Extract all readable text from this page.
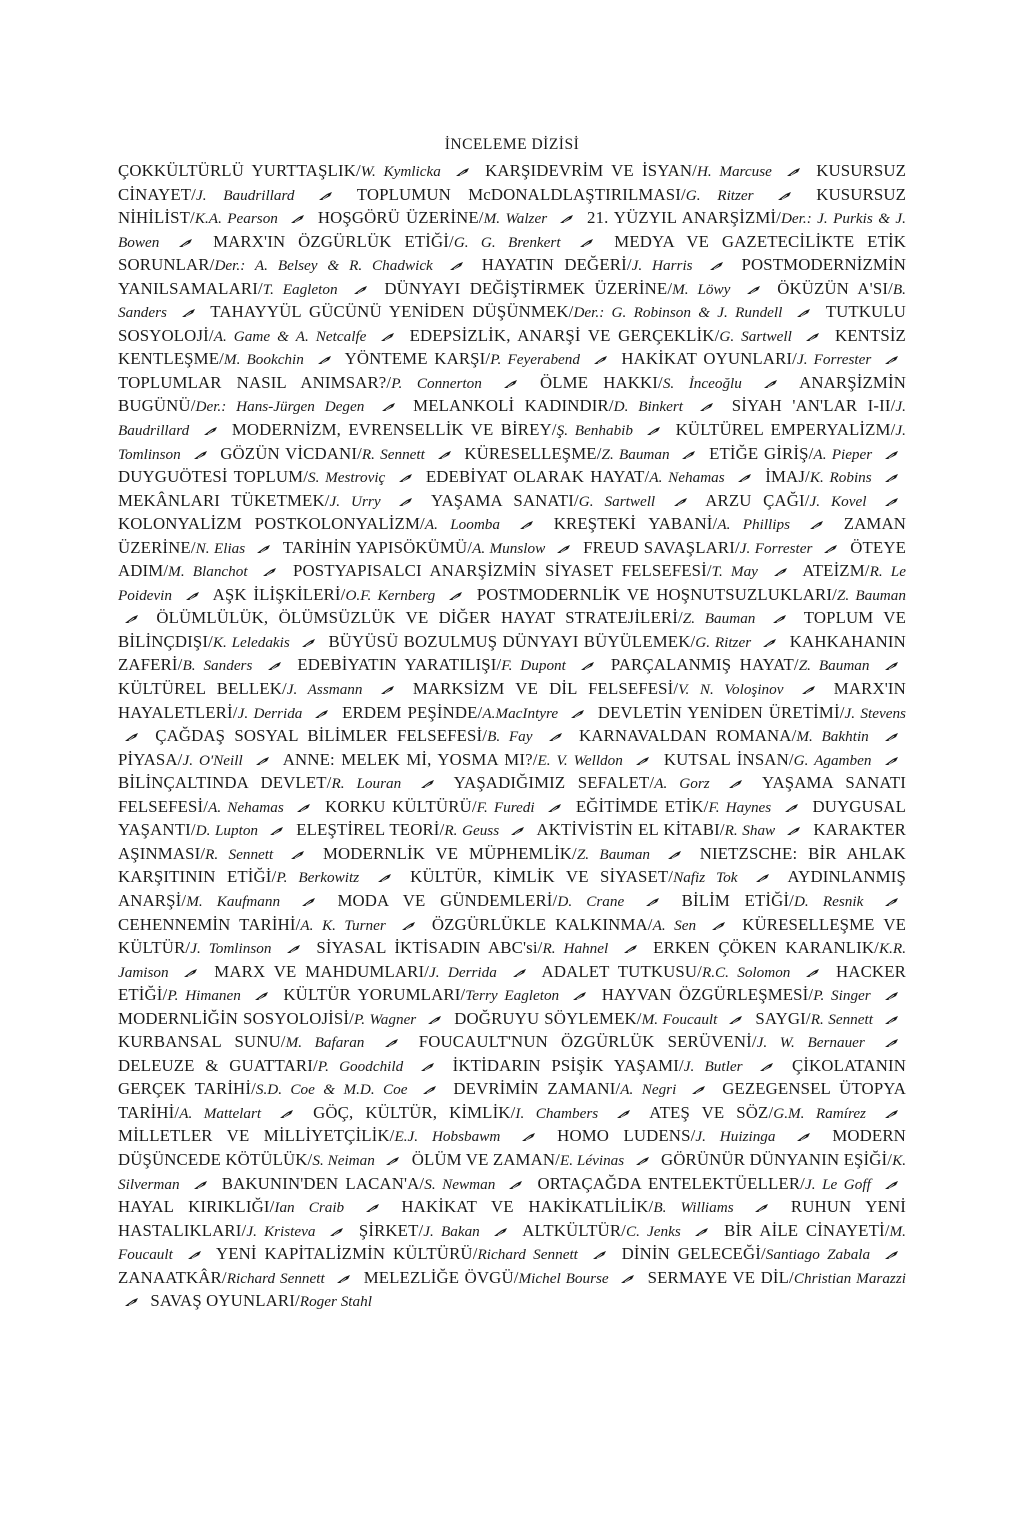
İNCELEME DİZİSİ
ÇOKKÜLTÜRLÜ YURTTAŞLIK/W. Kymlicka	KARŞIDEVRİM VE İSYAN/H. Marcuse	KUSURSUZ CİNAYET/J. Baudrillard	TOPLUMUN McDONALDLAŞTIRILMASI/G. Ritzer	KUSURSUZ NİHİLİST/K.A. Pearson HOŞGÖRÜ ÜZERİNE/M. Walzer 21. YÜZYIL ANARŞİZMİ/Der.: J. Purkis & J. Bowen	MARX'IN ÖZGÜRLÜK ETİĞİ/G. G. Brenkert	MEDYA VE GAZETECİLİKTE ETİK SORUNLAR/Der.: A. Belsey & R. Chadwick	HAYATIN DEĞERİ/J. Harris	POSTMODERNİZMİN YANILSAMALARI/T. Eagleton	DÜNYAYI DEĞİŞTİRMEK ÜZERİNE/M. Löwy	ÖKÜZÜN A'SI/B. Sanders	TAHAYYÜL GÜCÜNÜ YENİDEN DÜŞÜNMEK/Der.: G. Robinson & J. Rundell	TUTKULU SOSYOLOJİ/A. Game & A. Netcalfe	EDEPSİZLİK, ANARŞİ VE GERÇEKLİK/G. Sartwell	KENTSİZ KENTLEŞME/M. Bookchin YÖNTEME KARŞI/P. Feyerabend HAKİKAT OYUNLARI/J. Forrester
TOPLUMLAR NASIL ANIMSAR?/P. Connerton	ÖLME HAKKI/S. İnceoğlu	ANARŞİZMİN BUGÜNÜ/Der.: Hans-Jürgen Degen	MELANKOLİ KADINDIR/D. Binkert	SİYAH 'AN'LAR I-II/J. Baudrillard	MODERNİZM, EVRENSELLİK VE BİREY/Ş. Benhabib	KÜLTÜREL EMPERYALİZM/J. Tomlinson GÖZÜN VİCDANI/R. Sennett KÜRESELLEŞME/Z. Bauman ETİĞE GİRİŞ/A. Pieper
DUYGUÖTESİ TOPLUM/S. Mestroviç EDEBİYAT OLARAK HAYAT/A. Nehamas İMAJ/K. Robins
MEKÂNLARI TÜKETMEK/J. Urry	YAŞAMA SANATI/G. Sartwell	ARZU ÇAĞI/J. Kovel
KOLONYALİZM POSTKOLONYALİZM/A. Loomba	KREŞTEKİ YABANİ/A. Phillips	ZAMAN ÜZERİNE/N. Elias TARİHİN YAPISÖKÜMÜ/A. Munslow FREUD SAVAŞLARI/J. Forrester ÖTEYE ADIM/M. Blanchot	POSTYAPISALCI ANARŞİZMİN SİYASET FELSEFESİ/T. May	ATEİZM/R. Le Poidevin AŞK İLİŞKİLERİ/O.F. Kernberg POSTMODERNLİK VE HOŞNUTSUZLUKLARI/Z. Bauman
ÖLÜMLÜLÜK, ÖLÜMSÜZLÜK VE DİĞER HAYAT STRATEJİLERİ/Z. Bauman	TOPLUM VE BİLİNÇDIŞI/K. Leledakis BÜYÜSÜ BOZULMUŞ DÜNYAYI BÜYÜLEMEK/G. Ritzer KAHKAHANIN ZAFERİ/B. Sanders	EDEBİYATIN YARATILIŞI/F. Dupont	PARÇALANMIŞ HAYAT/Z. Bauman
KÜLTÜREL BELLEK/J. Assmann	MARKSİZM VE DİL FELSEFESİ/V. N. Voloşinov	MARX'IN HAYALETLERİ/J. Derrida ERDEM PEŞİNDE/A.MacIntyre DEVLETİN YENİDEN ÜRETİMİ/J. Stevens
ÇAĞDAŞ SOSYAL BİLİMLER FELSEFESİ/B. Fay	KARNAVALDAN ROMANA/M. Bakhtin
PİYASA/J. O'Neill ANNE: MELEK Mİ, YOSMA MI?/E. V. Welldon KUTSAL İNSAN/G. Agamben
BİLİNÇALTINDA DEVLET/R. Louran	YAŞADIĞIMIZ SEFALET/A. Gorz	YAŞAMA SANATI FELSEFESİ/A. Nehamas KORKU KÜLTÜRÜ/F. Furedi EĞİTİMDE ETİK/F. Haynes DUYGUSAL YAŞANTI/D. Lupton ELEŞTİREL TEORİ/R. Geuss AKTİVİSTİN EL KİTABI/R. Shaw KARAKTER AŞINMASI/R. Sennett	MODERNLİK VE MÜPHEMLİK/Z. Bauman	NIETZSCHE: BİR AHLAK KARŞITININ ETİĞİ/P. Berkowitz	KÜLTÜR, KİMLİK VE SİYASET/Nafiz Tok	AYDINLANMIŞ ANARŞİ/M. Kaufmann	MODA VE GÜNDEMLERİ/D. Crane	BİLİM ETİĞİ/D. Resnik
CEHENNEMİN TARİHİ/A. K. Turner	ÖZGÜRLÜKLE KALKINMA/A. Sen	KÜRESELLEŞME VE KÜLTÜR/J. Tomlinson	SİYASAL İKTİSADIN ABC'si/R. Hahnel	ERKEN ÇÖKEN KARANLIK/K.R. Jamison	MARX VE MAHDUMLARI/J. Derrida	ADALET TUTKUSU/R.C. Solomon	HACKER ETİĞİ/P. Himanen	KÜLTÜR YORUMLARI/Terry Eagleton	HAYVAN ÖZGÜRLEŞMESİ/P. Singer
MODERNLİĞİN SOSYOLOJİSİ/P. Wagner DOĞRUYU SÖYLEMEK/M. Foucault SAYGI/R. Sennett
KURBANSAL SUNU/M. Bafaran	FOUCAULT'NUN ÖZGÜRLÜK SERÜVENİ/J. W. Bernauer
DELEUZE & GUATTARI/P. Goodchild	İKTİDARIN PSİŞİK YAŞAMI/J. Butler	ÇİKOLATANIN GERÇEK TARİHİ/S.D. Coe & M.D. Coe	DEVRİMİN ZAMANI/A. Negri	GEZEGENSEL ÜTOPYA TARİHİ/A. Mattelart	GÖÇ, KÜLTÜR, KİMLİK/I. Chambers	ATEŞ VE SÖZ/G.M. Ramírez
MİLLETLER VE MİLLİYETÇİLİK/E.J. Hobsbawm	HOMO LUDENS/J. Huizinga	MODERN DÜŞÜNCEDE KÖTÜLÜK/S. Neiman ÖLÜM VE ZAMAN/E. Lévinas GÖRÜNÜR DÜNYANIN EŞİĞİ/K. Silverman	BAKUNIN'DEN LACAN'A/S. Newman	ORTAÇAĞDA ENTELEKTÜELLER/J. Le Goff
HAYAL KIRIKLIĞI/Ian Craib	HAKİKAT VE HAKİKATLİLİK/B. Williams	RUHUN YENİ HASTALIKLARI/J. Kristeva	ŞİRKET/J. Bakan	ALTKÜLTÜR/C. Jenks	BİR AİLE CİNAYETİ/M. Foucault	YENİ KAPİTALİZMİN KÜLTÜRÜ/Richard Sennett	DİNİN GELECEĞİ/Santiago Zabala
ZANAATKÂR/Richard Sennett MELEZLİĞE ÖVGÜ/Michel Bourse SERMAYE VE DİL/Christian Marazzi
SAVAŞ OYUNLARI/Roger Stahl
